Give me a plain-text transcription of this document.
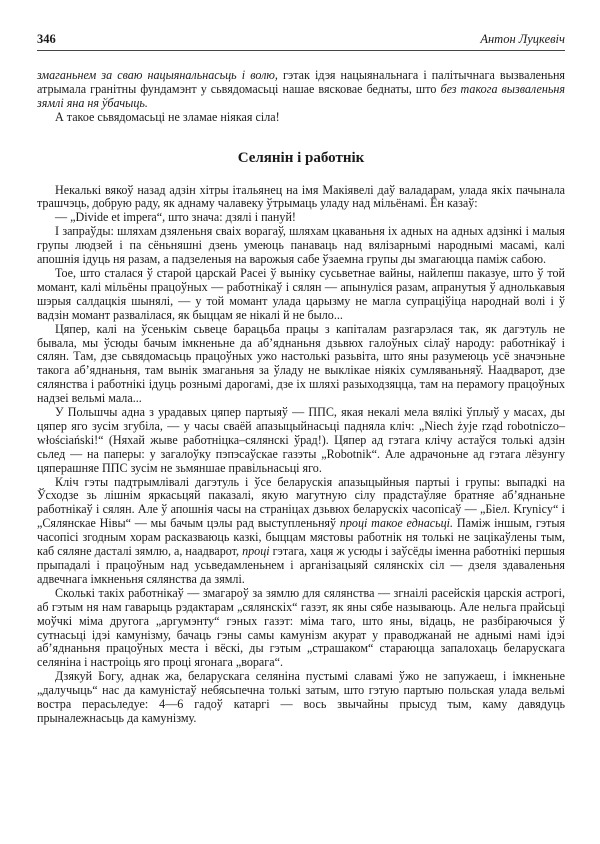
346	Антон Луцкевіч

змаганьнем за сваю нацыянальнасьць і волю, гэтак ідэя нацыянальнага і палітычнага вызваленьня атрымала гранітны фундамэнт у сьвядомасьці нашае вясковае беднаты, што без такога вызваленьня зямлі яна ня ўбачыць.

А такое сьвядомасьці не зламае ніякая сіла!

Селянін і работнік

Некалькі вякоў назад адзін хітры італьянец на імя Макіявелі даў валадарам, улада якіх пачынала трашчэць, добрую раду, як аднаму чалавеку ўтрымаць уладу над мільёнамі. Ён казаў:

— „Divide et impera“, што знача: дзялі і пануй!

І запраўды: шляхам дзяленьня сваіх ворагаў, шляхам цкаваньня іх адных на адных адзінкі і малыя групы людзей і па сёньняшні дзень умеюць панаваць над вялізарнымі народнымі масамі, калі апошнія ідуць ня разам, а падзеленыя на варожыя сабе ўзаемна групы ды змагаюцца паміж сабою.

Тое, што сталася ў старой царскай Расеі ў выніку сусьветнае вайны, найлепш паказуе, што ў той момант, калі мільёны працоўных — работнікаў і сялян — апынуліся разам, апранутыя ў аднолькавыя шэрыя салдацкія шынялі, — у той момант улада царызму не магла супраціўіца народнай волі і ў вадзін момант развалілася, як быццам яе нікалі й не было...

Цяпер, калі на ўсенькім сьвеце барацьба працы з капіталам разгарэлася так, як дагэтуль не бывала, мы ўсюды бачым імкненьне да аб’яднаньня дзьвюх галоўных сілаў народу: работнікаў і сялян. Там, дзе сьвядомасьць працоўных ужо настолькі разьвіта, што яны разумеюць усё значэньне такога аб’яднаньня, там вынік змаганьня за ўладу не выклікае ніякіх сумляваньняў. Наадварот, дзе сялянства і работнікі ідуць рознымі дарогамі, дзе іх шляхі разыходзяцца, там на перамогу працоўных надзеі вельмі мала...

У Польшчы адна з урадавых цяпер партыяў — ППС, якая некалі мела вялікі ўплыў у масах, ды цяпер яго зусім згубіла, — у часы сваёй апазыцыйнасьці падняла кліч: „Niech żyje rząd robotniczo–włościański!“ (Няхай жыве работніцка–сялянскі ўрад!). Цяпер ад гэтага клічу астаўся толькі адзін сьлед — на паперы: у загалоўку пэпэсаўскае газэты „Robotnik“. Але адрачоньне ад гэтага лёзунгу цяперашняе ППС зусім не зьмяншае правільнасьці яго.

Кліч гэты падтрымлівалі дагэтуль і ўсе беларускія апазыцыйныя партыі і групы: выпадкі на Ўсходзе зь лішнім яркасьцяй паказалі, якую магутную сілу прадстаўляе братняе аб’яднаньне работнікаў і сялян. Але ў апошнія часы на страніцах дзьвюх беларускіх часопісаў — „Біел. Krynicy“ і „Сялянскае Нівы“ — мы бачым цэлы рад выступленьняў проці такое еднасьці. Паміж іншым, гэтыя часопісі згодным хорам расказваюць казкі, быццам мястовы работнік ня толькі не зацікаўлены тым, каб сяляне дасталі зямлю, а, наадварот, проці гэтага, хаця ж усюды і заўсёды іменна работнікі першыя прыпадалі і працоўным над усьведамленьнем і арганізацыяй сялянскіх сіл — дзеля здаваленьня адвечнага імкненьня сялянства да зямлі.

Сколькі такіх работнікаў — змагароў за зямлю для сялянства — згнаілі расейскія царскія астрогі, аб гэтым ня нам гаварыць рэдактарам „сялянскіх“ газэт, як яны сябе называюць. Але нельга прайсьці моўчкі міма другога „аргумэнту“ гэных газэт: міма таго, што яны, відаць, не разбіраючыся ў сутнасьці ідэі камунізму, бачаць гэны самы камунізм акурат у праводжанай не аднымі намі ідэі аб’яднаньня працоўных места і вёскі, ды гэтым „страшаком“ стараюцца запалохаць беларускага селяніна і настроіць яго проці ягонага „ворага“.

Дзякуй Богу, аднак жа, беларускага селяніна пустымі славамі ўжо не запужаеш, і імкненьне „далучыць“ нас да камуністаў небясьпечна толькі затым, што гэтую партыю польская улада вельмі востра перасьледуе: 4—6 гадоў катаргі — вось звычайны прысуд тым, каму давядуць прыналежнасьць да камунізму.
